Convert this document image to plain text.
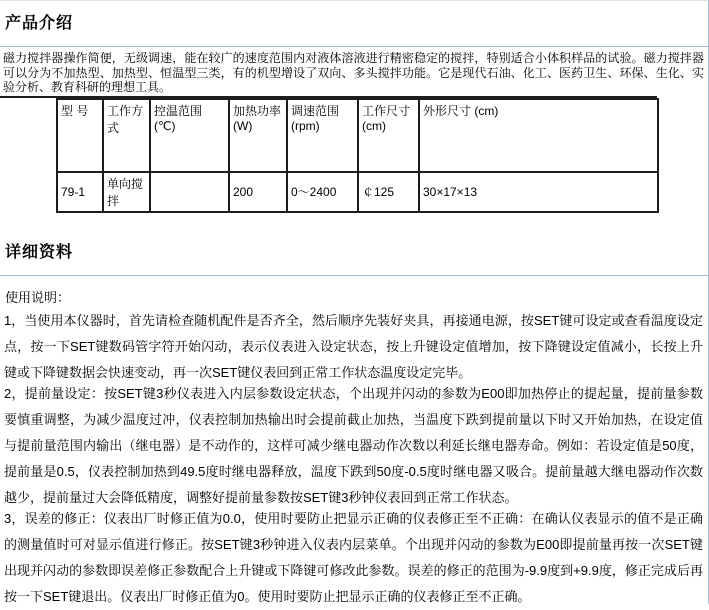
产品介绍

磁力搅拌器操作简便，无级调速，能在较广的速度范围内对液体溶液进行精密稳定的搅拌，特别适合小体积样品的试验。磁力搅拌器可以分为不加热型、加热型、恒温型三类，有的机型增设了双向、多头搅拌功能。它是现代石油、化工、医药卫生、环保、生化、实验分析、教育科研的理想工具。

型 号	工作方式	控温范围 (℃)	加热功率 (W)	调速范围 (rpm)	工作尺寸 (cm)	外形尺寸 (cm)
79-1	单向搅拌		200	0～2400	￠125	30×17×13
详细资料

使用说明：

1，当使用本仪器时，首先请检查随机配件是否齐全，然后顺序先装好夹具，再接通电源，按SET键可设定或查看温度设定点，按一下SET键数码管字符开始闪动，表示仪表进入设定状态，按上升键设定值增加，按下降键设定值减小，长按上升键或下降键数据会快速变动，再一次SET键仪表回到正常工作状态温度设定完毕。

2，提前量设定：按SET键3秒仪表进入内层参数设定状态，个出现并闪动的参数为E00即加热停止的提起量，提前量参数要慎重调整，为减少温度过冲，仪表控制加热输出时会提前截止加热，当温度下跌到提前量以下时又开始加热，在设定值与提前量范围内输出（继电器）是不动作的，这样可减少继电器动作次数以利延长继电器寿命。例如：若设定值是50度，提前量是0.5，仪表控制加热到49.5度时继电器释放，温度下跌到50度-0.5度时继电器又吸合。提前量越大继电器动作次数越少，提前量过大会降低精度，调整好提前量参数按SET键3秒钟仪表回到正常工作状态。

3，误差的修正：仪表出厂时修正值为0.0，使用时要防止把显示正确的仪表修正至不正确：在确认仪表显示的值不是正确的测量值时可对显示值进行修正。按SET键3秒钟进入仪表内层菜单。个出现并闪动的参数为E00即提前量再按一次SET键出现并闪动的参数即误差修正参数配合上升键或下降键可修改此参数。误差的修正的范围为-9.9度到+9.9度，修正完成后再按一下SET键退出。仪表出厂时修正值为0。使用时要防止把显示正确的仪表修正至不正确。
